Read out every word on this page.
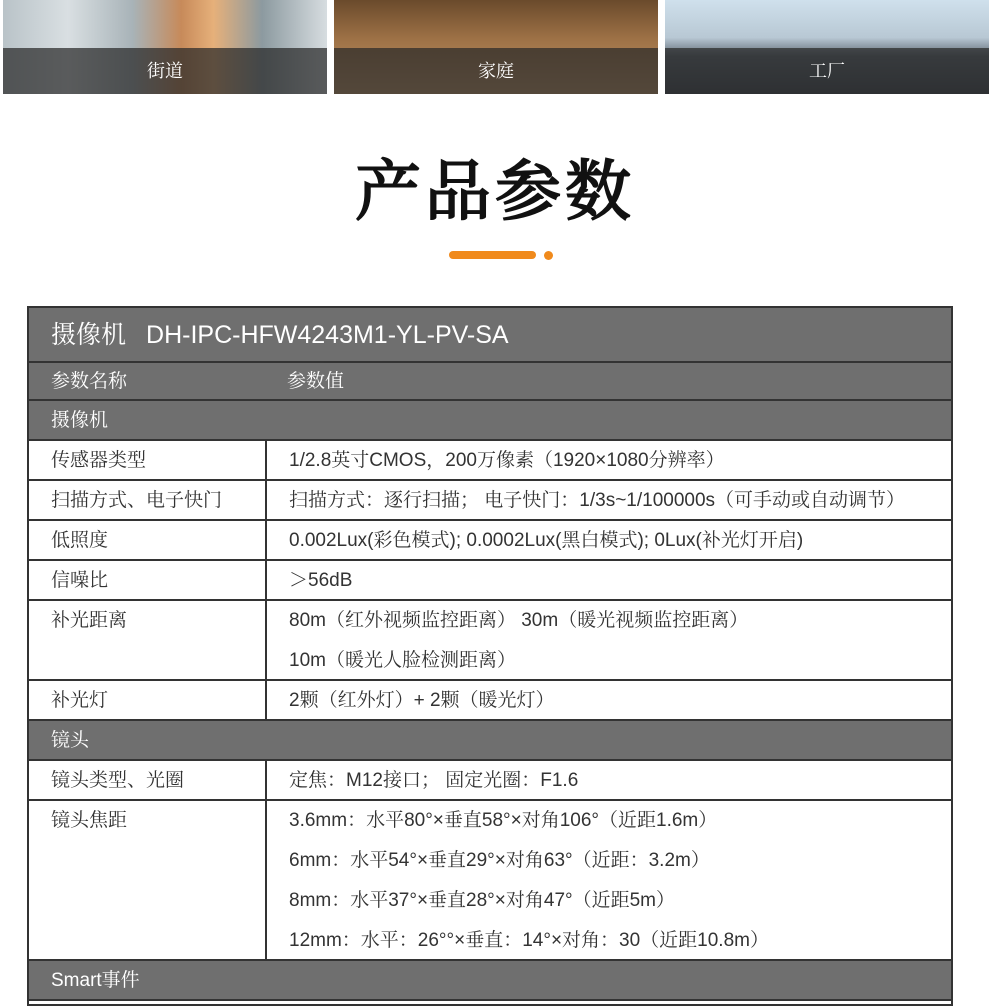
街道	家庭	工厂
产品参数
摄像机 DH-IPC-HFW4243M1-YL-PV-SA
参数名称	参数值
摄像机
传感器类型	1/2.8英寸CMOS，200万像素（1920×1080分辨率）
扫描方式、电子快门	扫描方式：逐行扫描； 电子快门：1/3s~1/100000s（可手动或自动调节）
低照度	0.002Lux(彩色模式); 0.0002Lux(黑白模式); 0Lux(补光灯开启)
信噪比	＞56dB
补光距离	80m（红外视频监控距离） 30m（暖光视频监控距离）
10m（暖光人脸检测距离）
补光灯	2颗（红外灯）+ 2颗（暖光灯）
镜头
镜头类型、光圈	定焦：M12接口； 固定光圈：F1.6
镜头焦距	3.6mm：水平80°×垂直58°×对角106°（近距1.6m）
6mm：水平54°×垂直29°×对角63°（近距：3.2m）
8mm：水平37°×垂直28°×对角47°（近距5m）
12mm：水平：26°°×垂直：14°×对角：30（近距10.8m）
Smart事件
